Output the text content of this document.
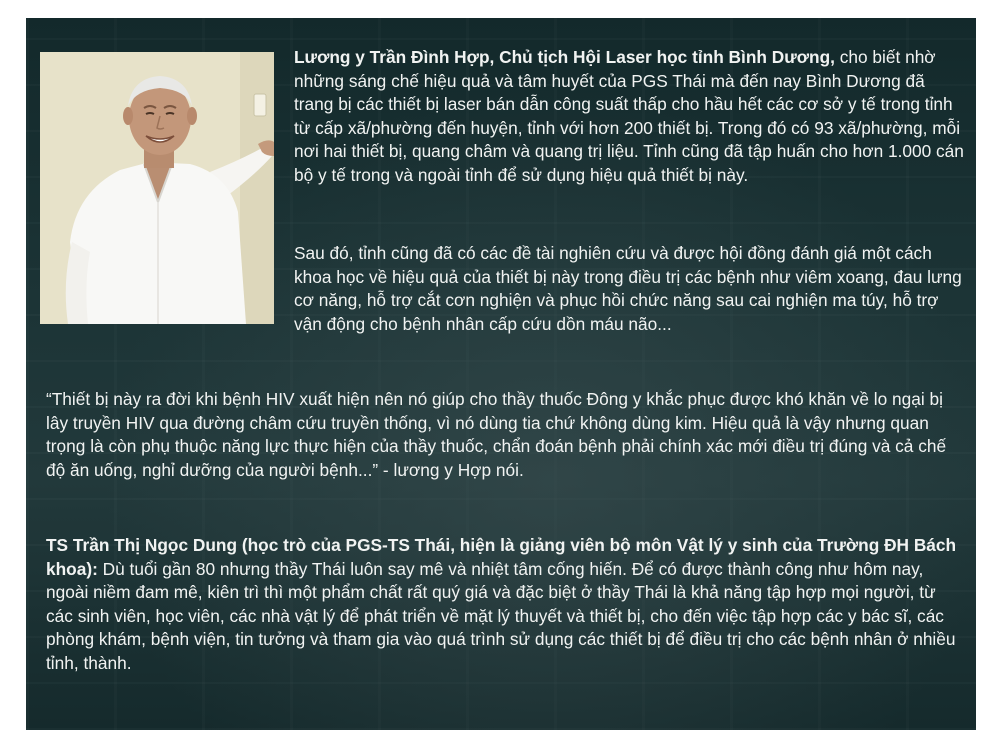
Lương y Trần Đình Hợp, Chủ tịch Hội Laser học tỉnh Bình Dương, cho biết nhờ những sáng chế hiệu quả và tâm huyết của PGS Thái mà đến nay Bình Dương đã trang bị các thiết bị laser bán dẫn công suất thấp cho hầu hết các cơ sở y tế trong tỉnh từ cấp xã/phường đến huyện, tỉnh với hơn 200 thiết bị. Trong đó có 93 xã/phường, mỗi nơi hai thiết bị, quang châm và quang trị liệu. Tỉnh cũng đã tập huấn cho hơn 1.000 cán bộ y tế trong và ngoài tỉnh để sử dụng hiệu quả thiết bị này.

Sau đó, tỉnh cũng đã có các đề tài nghiên cứu và được hội đồng đánh giá một cách khoa học về hiệu quả của thiết bị này trong điều trị các bệnh như viêm xoang, đau lưng cơ năng, hỗ trợ cắt cơn nghiện và phục hồi chức năng sau cai nghiện ma túy, hỗ trợ vận động cho bệnh nhân cấp cứu dồn máu não...

“Thiết bị này ra đời khi bệnh HIV xuất hiện nên nó giúp cho thầy thuốc Đông y khắc phục được khó khăn về lo ngại bị lây truyền HIV qua đường châm cứu truyền thống, vì nó dùng tia chứ không dùng kim. Hiệu quả là vậy nhưng quan trọng là còn phụ thuộc năng lực thực hiện của thầy thuốc, chẩn đoán bệnh phải chính xác mới điều trị đúng và cả chế độ ăn uống, nghỉ dưỡng của người bệnh...” - lương y Hợp nói.

TS Trần Thị Ngọc Dung (học trò của PGS-TS Thái, hiện là giảng viên bộ môn Vật lý y sinh của Trường ĐH Bách khoa): Dù tuổi gần 80 nhưng thầy Thái luôn say mê và nhiệt tâm cống hiến. Để có được thành công như hôm nay, ngoài niềm đam mê, kiên trì thì một phẩm chất rất quý giá và đặc biệt ở thầy Thái là khả năng tập hợp mọi người, từ các sinh viên, học viên, các nhà vật lý để phát triển về mặt lý thuyết và thiết bị, cho đến việc tập hợp các y bác sĩ, các phòng khám, bệnh viện, tin tưởng và tham gia vào quá trình sử dụng các thiết bị để điều trị cho các bệnh nhân ở nhiều tỉnh, thành.
